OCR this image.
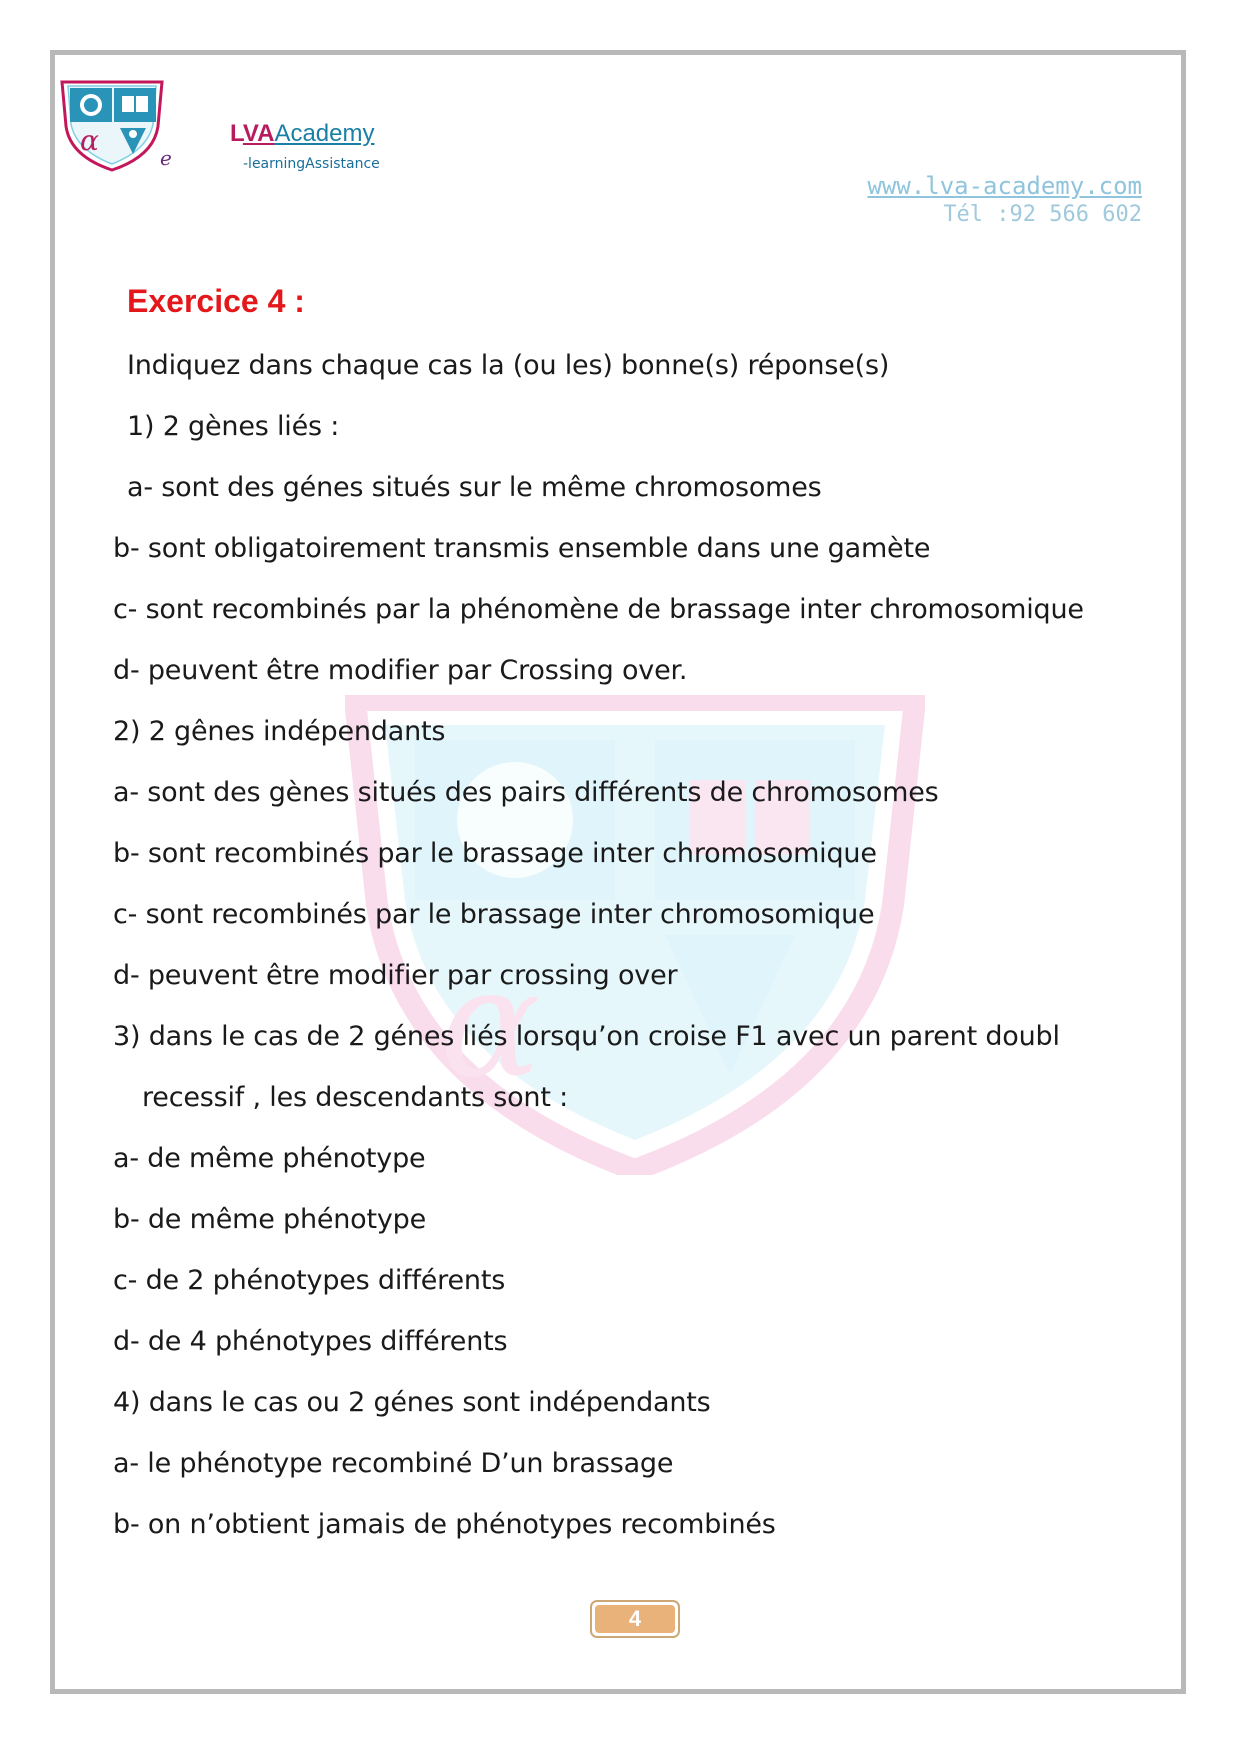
α
e
LVAAcademy
-learningAssistance
www.lva-academy.com
Tél :92 566 602
α
Exercice 4 :
Indiquez dans chaque cas la (ou les) bonne(s) réponse(s)
1) 2 gènes liés :
a- sont des génes situés sur le même chromosomes
b- sont obligatoirement transmis ensemble dans une gamète
c- sont recombinés par la phénomène de brassage inter chromosomique
d- peuvent être modifier par Crossing over.
2) 2 gênes indépendants
a- sont des gènes situés des pairs différents de chromosomes
b- sont recombinés par le brassage inter chromosomique
c- sont recombinés par le brassage inter chromosomique
d- peuvent être modifier par crossing over
3) dans le cas de 2 génes liés lorsqu’on croise F1 avec un parent doubl
recessif , les descendants sont :
a- de même phénotype
b- de même phénotype
c- de 2 phénotypes différents
d- de 4 phénotypes différents
4) dans le cas ou 2 génes sont indépendants
a- le phénotype recombiné D’un brassage
b- on n’obtient jamais de phénotypes recombinés
4
